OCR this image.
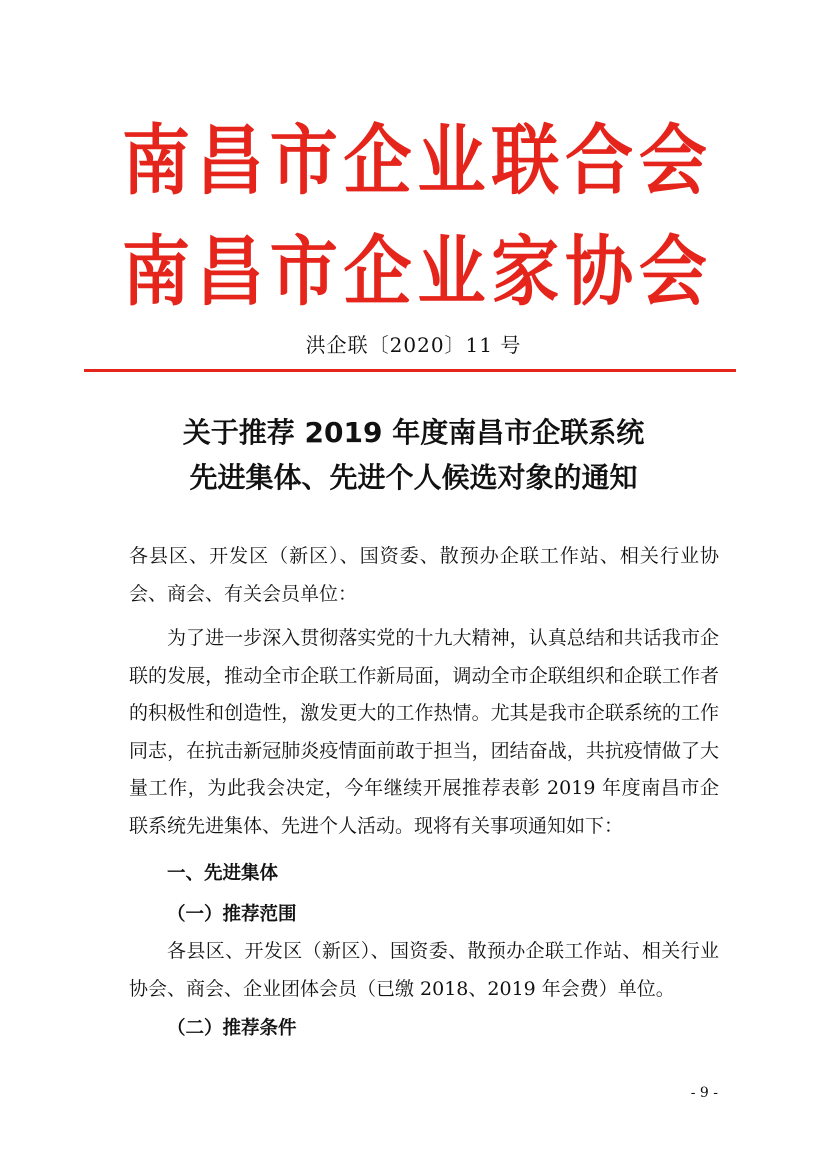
南 昌 市 企 业 联 合 会
南 昌 市 企 业 家 协 会
洪企联〔2020〕11 号
关于推荐 2019 年度南昌市企联系统
先进集体、先进个人候选对象的通知

各县区、开发区（新区）、国资委、散预办企联工作站、相关行业协会、商会、有关会员单位：

为了进一步深入贯彻落实党的十九大精神，认真总结和共话我市企联的发展，推动全市企联工作新局面，调动全市企联组织和企联工作者的积极性和创造性，激发更大的工作热情。尤其是我市企联系统的工作同志，在抗击新冠肺炎疫情面前敢于担当，团结奋战，共抗疫情做了大量工作，为此我会决定，今年继续开展推荐表彰 2019 年度南昌市企联系统先进集体、先进个人活动。现将有关事项通知如下：

一、先进集体
（一）推荐范围

各县区、开发区（新区）、国资委、散预办企联工作站、相关行业协会、商会、企业团体会员（已缴 2018、2019 年会费）单位。

（二）推荐条件
- 9 -
